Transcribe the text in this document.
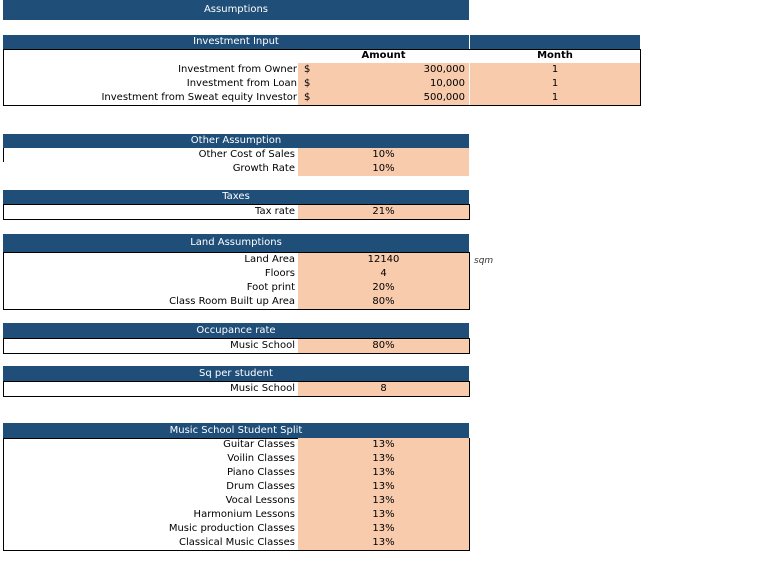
Assumptions
Investment Input
Amount	Month
Investment from Owner $	300,000	1
Investment from Loan $	10,000	1
Investment from Sweat equity Investor $	500,000	1
Other Assumption
Other Cost of Sales	10%
Growth Rate	10%
Taxes
Tax rate	21%
Land Assumptions
Land Area	12140	sqm
Floors	4
Foot print	20%
Class Room Built up Area	80%
Occupance rate
Music School	80%
Sq per student
Music School	8
Music School Student Split
Guitar Classes	13%
Voilin Classes	13%
Piano Classes	13%
Drum Classes	13%
Vocal Lessons	13%
Harmonium Lessons	13%
Music production Classes	13%
Classical Music Classes	13%
